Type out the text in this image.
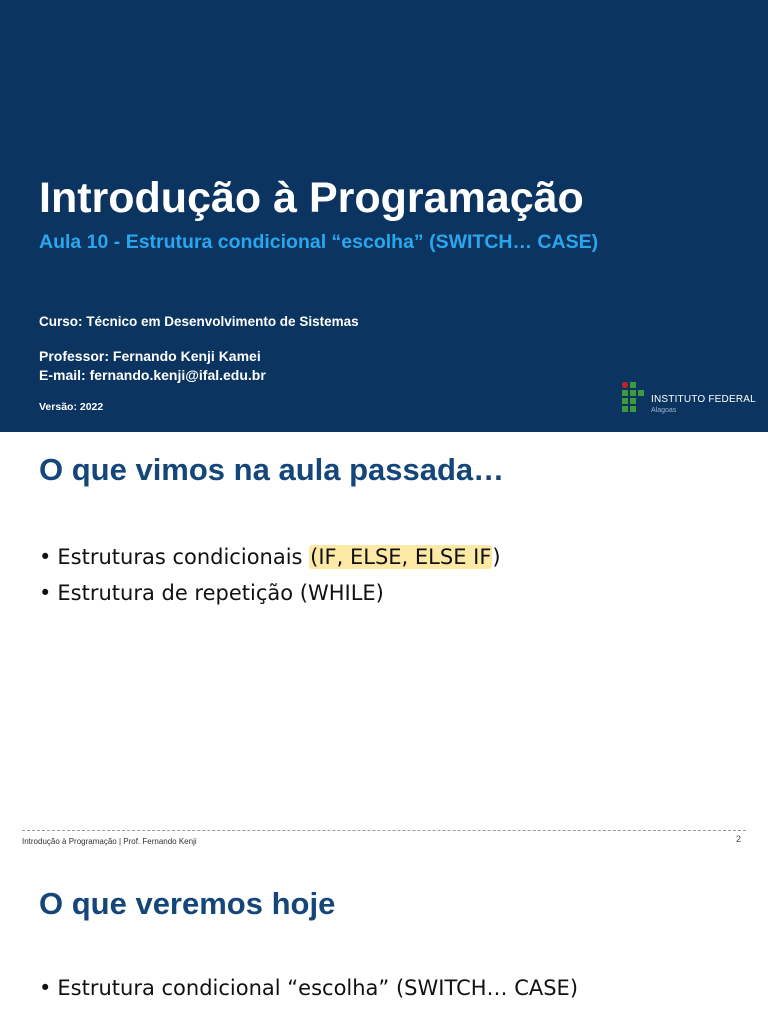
Introdução à Programação
Aula 10 - Estrutura condicional “escolha” (SWITCH… CASE)
Curso: Técnico em Desenvolvimento de Sistemas
Professor: Fernando Kenji Kamei
E-mail: fernando.kenji@ifal.edu.br
Versão: 2022
INSTITUTO FEDERAL
Alagoas
O que vimos na aula passada…
• Estruturas condicionais (IF, ELSE, ELSE IF)
• Estrutura de repetição (WHILE)
Introdução à Programação | Prof. Fernando Kenji	2
O que veremos hoje
• Estrutura condicional “escolha” (SWITCH… CASE)
